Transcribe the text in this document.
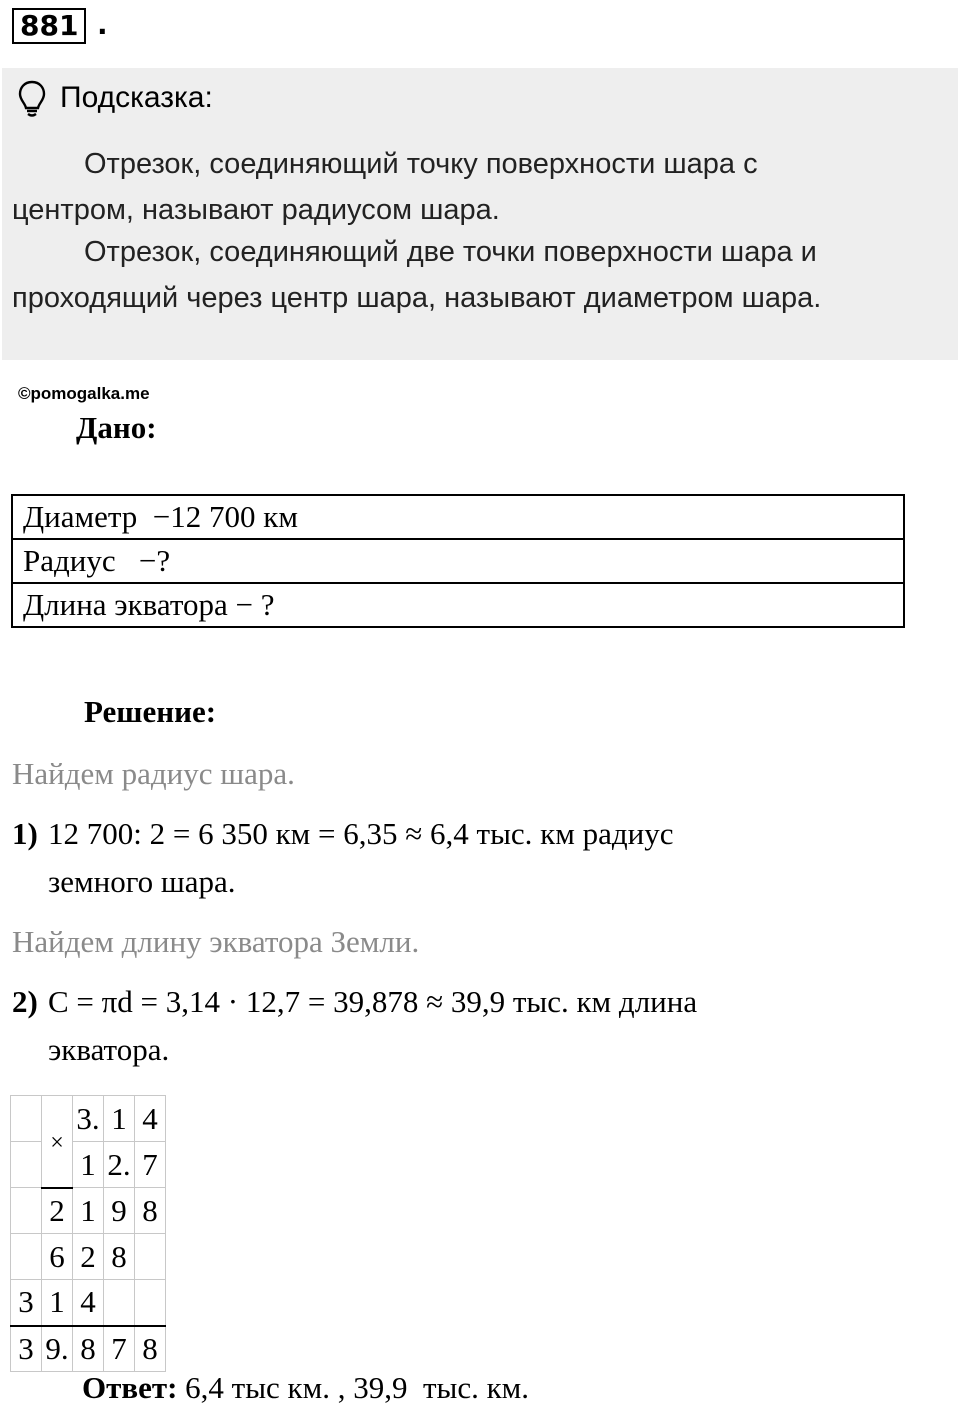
881 .
Подсказка:
Отрезок, соединяющий точку поверхности шара с
центром, называют радиусом шара.
Отрезок, соединяющий две точки поверхности шара и
проходящий через центр шара, называют диаметром шара.
©pomogalka.me
Дано:
Диаметр  −12 700 км
Радиус   −?
Длина экватора − ?
Решение:
Найдем радиус шара.
1) 12 700: 2 = 6 350 км = 6,35 ≈ 6,4 тыс. км радиус
земного шара.
Найдем длину экватора Земли.
2) C = πd = 3,14 · 12,7 = 39,878 ≈ 39,9 тыс. км длина
экватора.
	×	3.	1	4
		1	2.	7
	2	1	9	8
	6	2	8	
3	1	4		
3	9.	8	7	8
Ответ: 6,4 тыс км. , 39,9  тыс. км.
